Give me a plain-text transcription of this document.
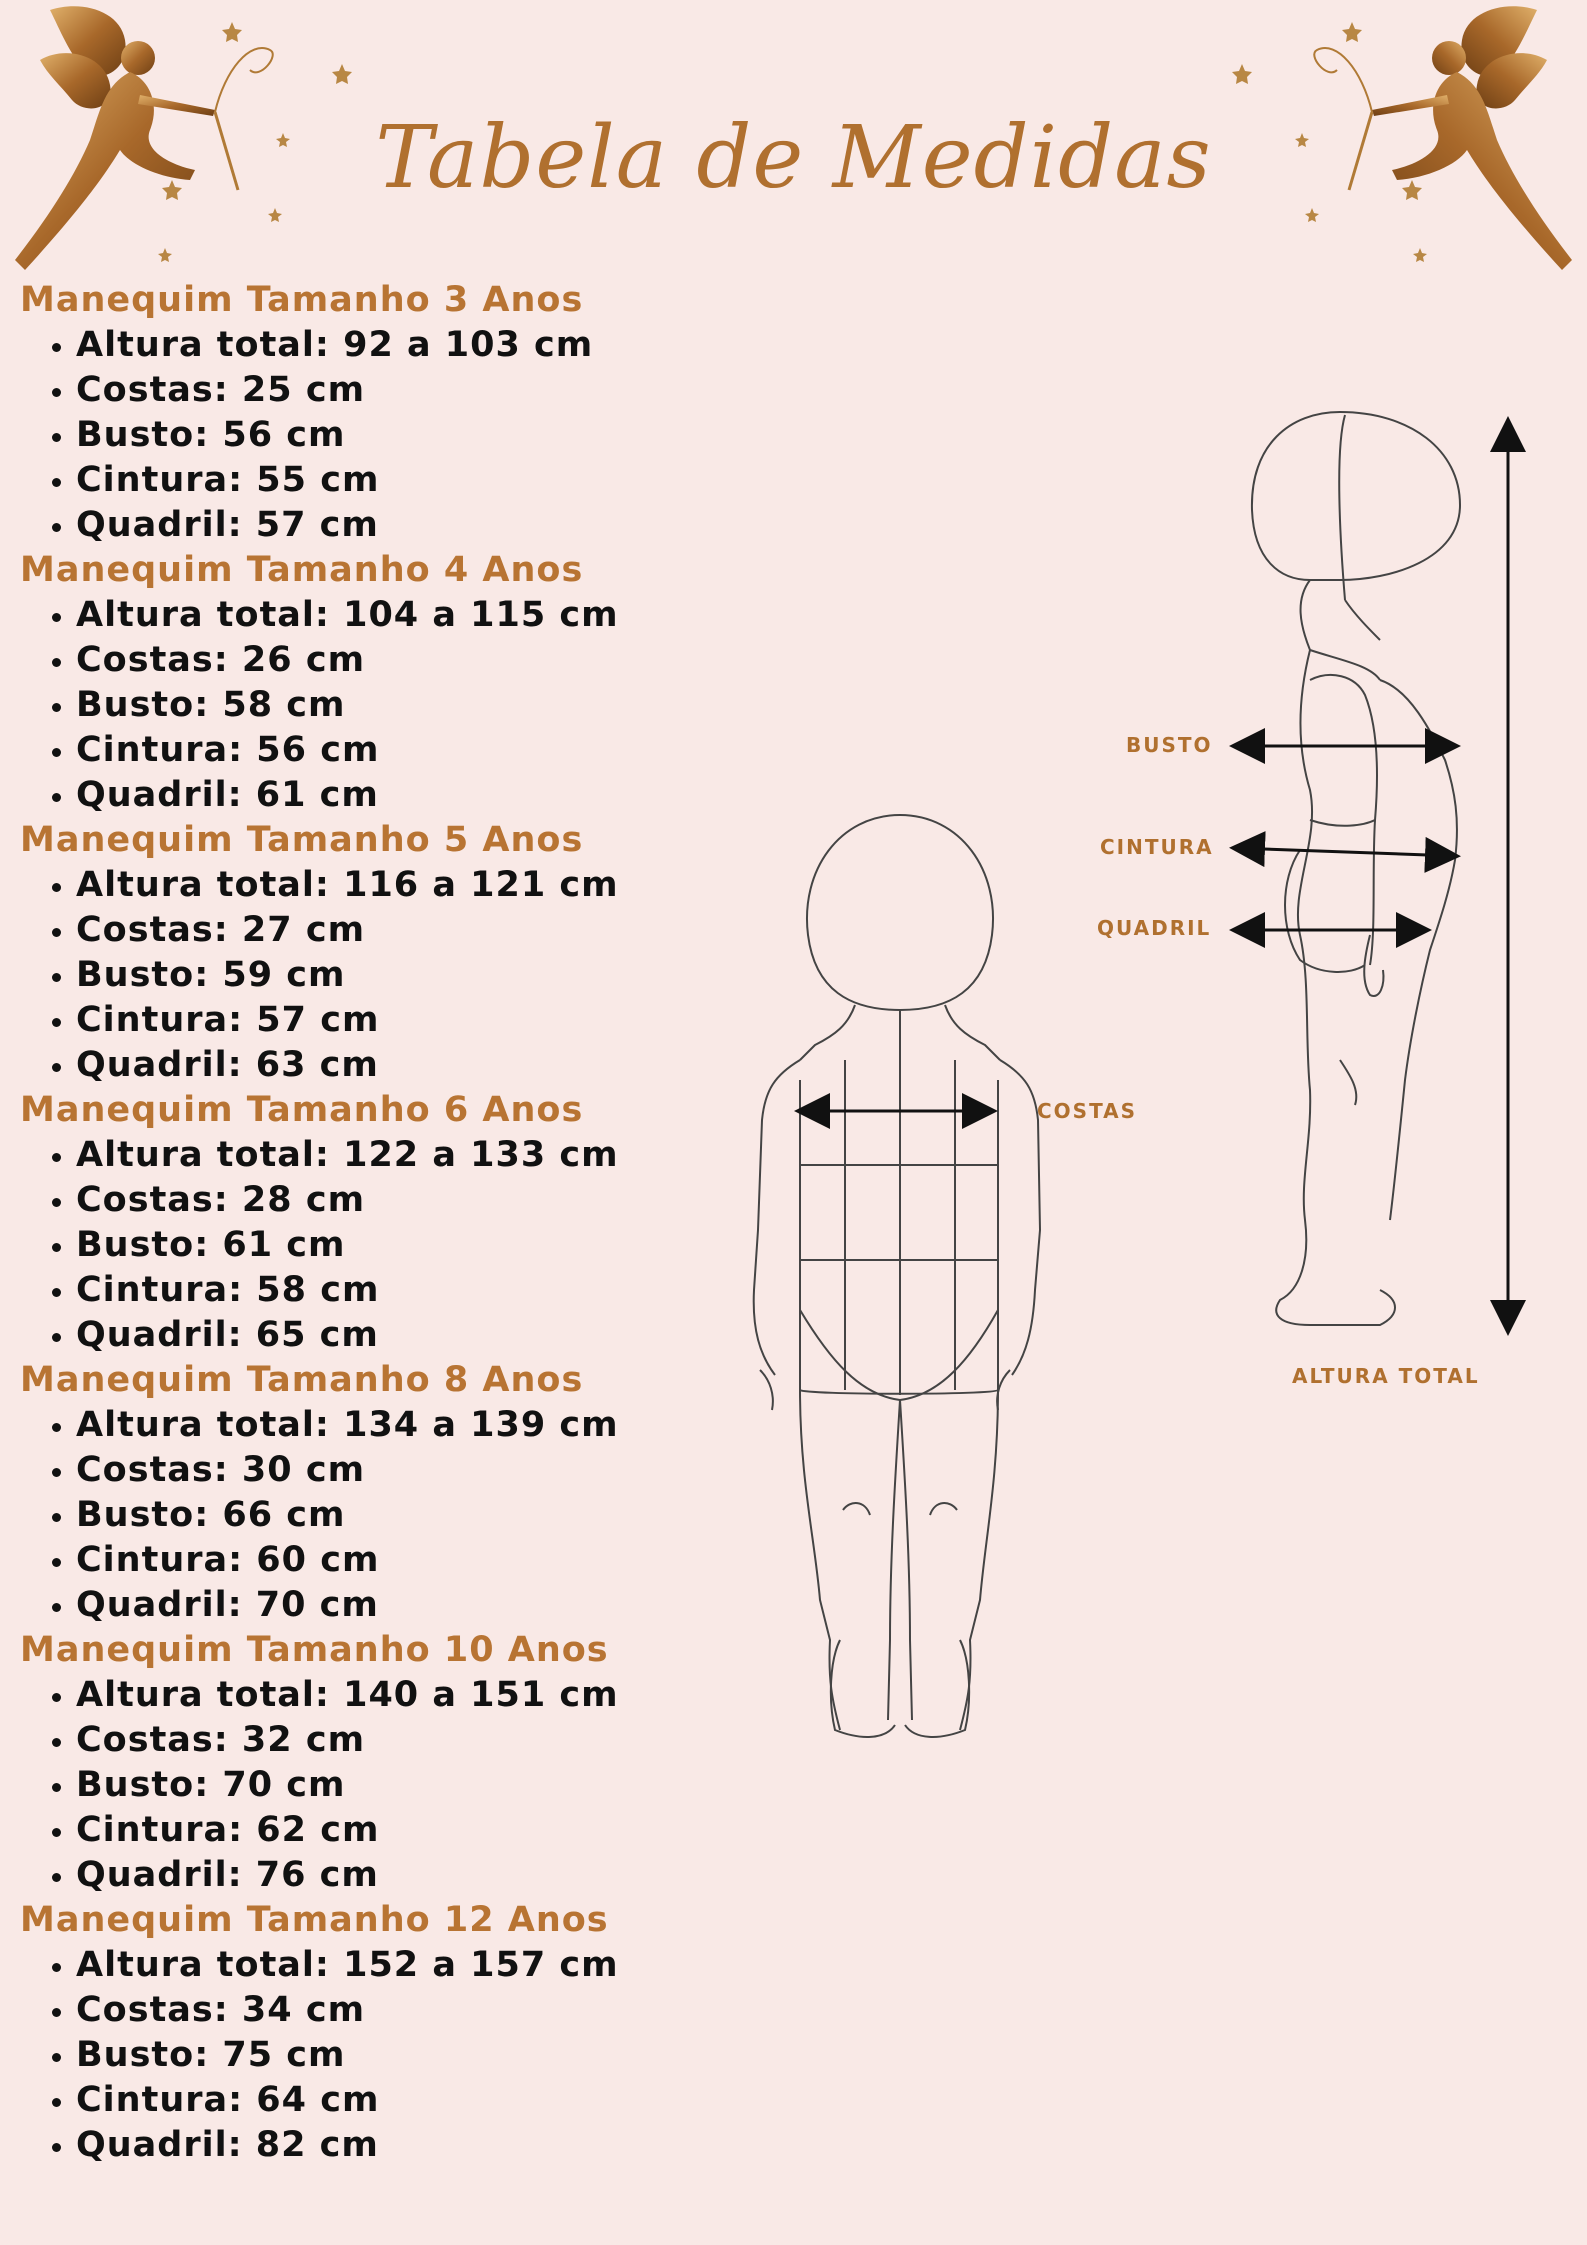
Tabela de Medidas
Manequim Tamanho 3 Anos
Altura total: 92 a 103 cm
Costas: 25 cm
Busto: 56 cm
Cintura: 55 cm
Quadril: 57 cm
Manequim Tamanho 4 Anos
Altura total: 104 a 115 cm
Costas: 26 cm
Busto: 58 cm
Cintura: 56 cm
Quadril: 61 cm
Manequim Tamanho 5 Anos
Altura total: 116 a 121 cm
Costas: 27 cm
Busto: 59 cm
Cintura: 57 cm
Quadril: 63 cm
Manequim Tamanho 6 Anos
Altura total: 122 a 133 cm
Costas: 28 cm
Busto: 61 cm
Cintura: 58 cm
Quadril: 65 cm
Manequim Tamanho 8 Anos
Altura total: 134 a 139 cm
Costas: 30 cm
Busto: 66 cm
Cintura: 60 cm
Quadril: 70 cm
Manequim Tamanho 10 Anos
Altura total: 140 a 151 cm
Costas: 32 cm
Busto: 70 cm
Cintura: 62 cm
Quadril: 76 cm
Manequim Tamanho 12 Anos
Altura total: 152 a 157 cm
Costas: 34 cm
Busto: 75 cm
Cintura: 64 cm
Quadril: 82 cm
BUSTO
CINTURA
QUADRIL
COSTAS
ALTURA TOTAL
